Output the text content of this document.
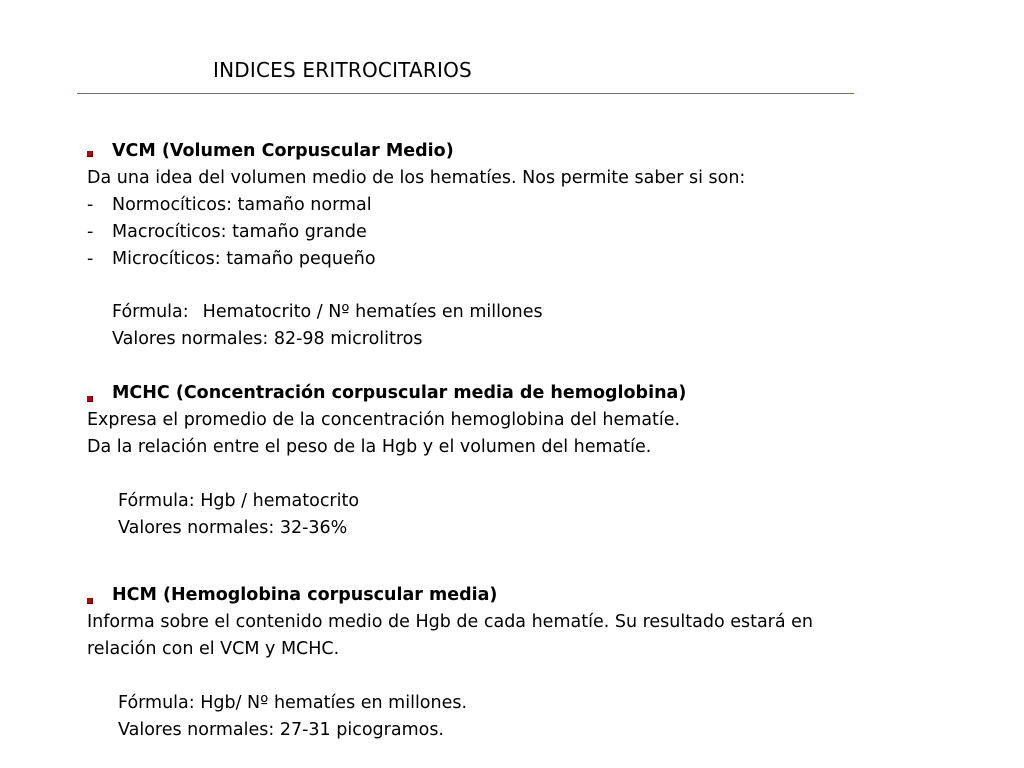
INDICES ERITROCITARIOS
VCM (Volumen Corpuscular Medio)
Da una idea del volumen medio de los hematíes. Nos permite saber si son:
- Normocíticos: tamaño normal
- Macrocíticos: tamaño grande
- Microcíticos: tamaño pequeño
Fórmula: Hematocrito / Nº hematíes en millones
Valores normales: 82-98 microlitros
MCHC (Concentración corpuscular media de hemoglobina)
Expresa el promedio de la concentración hemoglobina del hematíe.
Da la relación entre el peso de la Hgb y el volumen del hematíe.
Fórmula: Hgb / hematocrito
Valores normales: 32-36%
HCM (Hemoglobina corpuscular media)
Informa sobre el contenido medio de Hgb de cada hematíe. Su resultado estará en
relación con el VCM y MCHC.
Fórmula: Hgb/ Nº hematíes en millones.
Valores normales: 27-31 picogramos.
